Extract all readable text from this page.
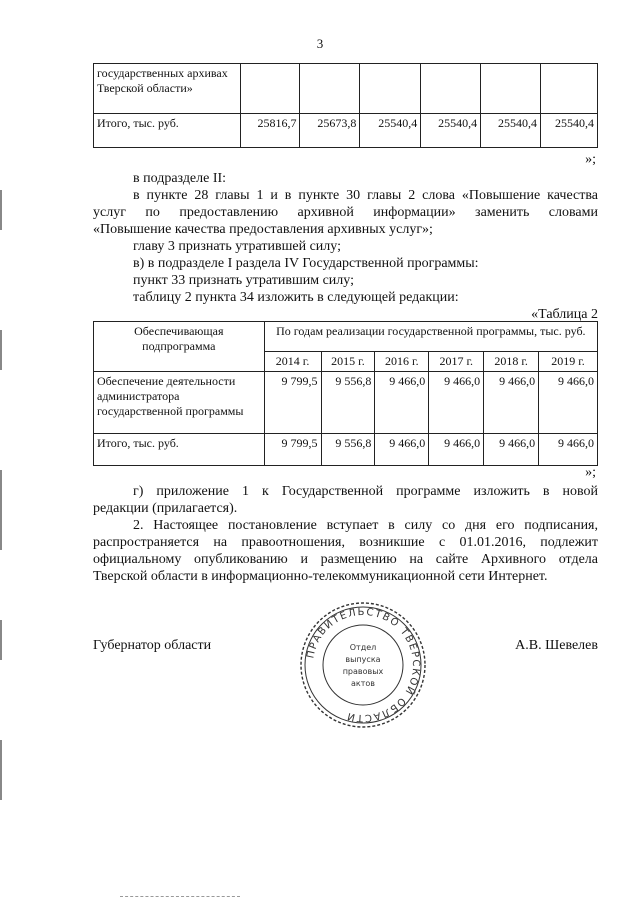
3
государственных архивах Тверской области»						
Итого, тыс. руб.	25816,7	25673,8	25540,4	25540,4	25540,4	25540,4
»;
в подразделе II:
в пункте 28 главы 1 и в пункте 30 главы 2 слова «Повышение качества
услуг по предоставлению архивной информации» заменить словами
«Повышение качества предоставления архивных услуг»;
главу 3 признать утратившей силу;
в) в подразделе I раздела IV Государственной программы:
пункт 33 признать утратившим силу;
таблицу 2 пункта 34 изложить в следующей редакции:
«Таблица 2
Обеспечивающая подпрограмма	По годам реализации государственной программы, тыс. руб.					
	2014 г.	2015 г.	2016 г.	2017 г.	2018 г.	2019 г.
Обеспечение деятельности администратора государственной программы	9 799,5	9 556,8	9 466,0	9 466,0	9 466,0	9 466,0
Итого, тыс. руб.	9 799,5	9 556,8	9 466,0	9 466,0	9 466,0	9 466,0
»;
г) приложение 1 к Государственной программе изложить в новой
редакции (прилагается).
2. Настоящее постановление вступает в силу со дня его подписания,
распространяется на правоотношения, возникшие с 01.01.2016, подлежит
официальному опубликованию и размещению на сайте Архивного отдела
Тверской области в информационно-телекоммуникационной сети Интернет.
Губернатор области	А.В. Шевелев
ПРАВИТЕЛЬСТВО ТВЕРСКОЙ ОБЛАСТИ
Отдел
выпуска
правовых
актов
